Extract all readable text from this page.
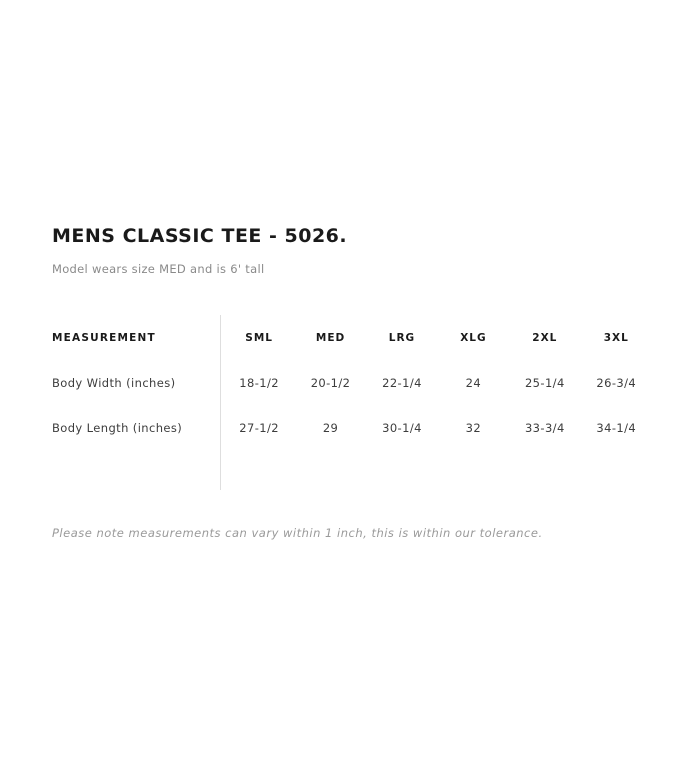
MENS CLASSIC TEE - 5026.

Model wears size MED and is 6' tall

MEASUREMENT	SML	MED	LRG	XLG	2XL	3XL
Body Width (inches)	18-1/2	20-1/2	22-1/4	24	25-1/4	26-3/4
Body Length (inches)	27-1/2	29	30-1/4	32	33-3/4	34-1/4
Please note measurements can vary within 1 inch, this is within our tolerance.
